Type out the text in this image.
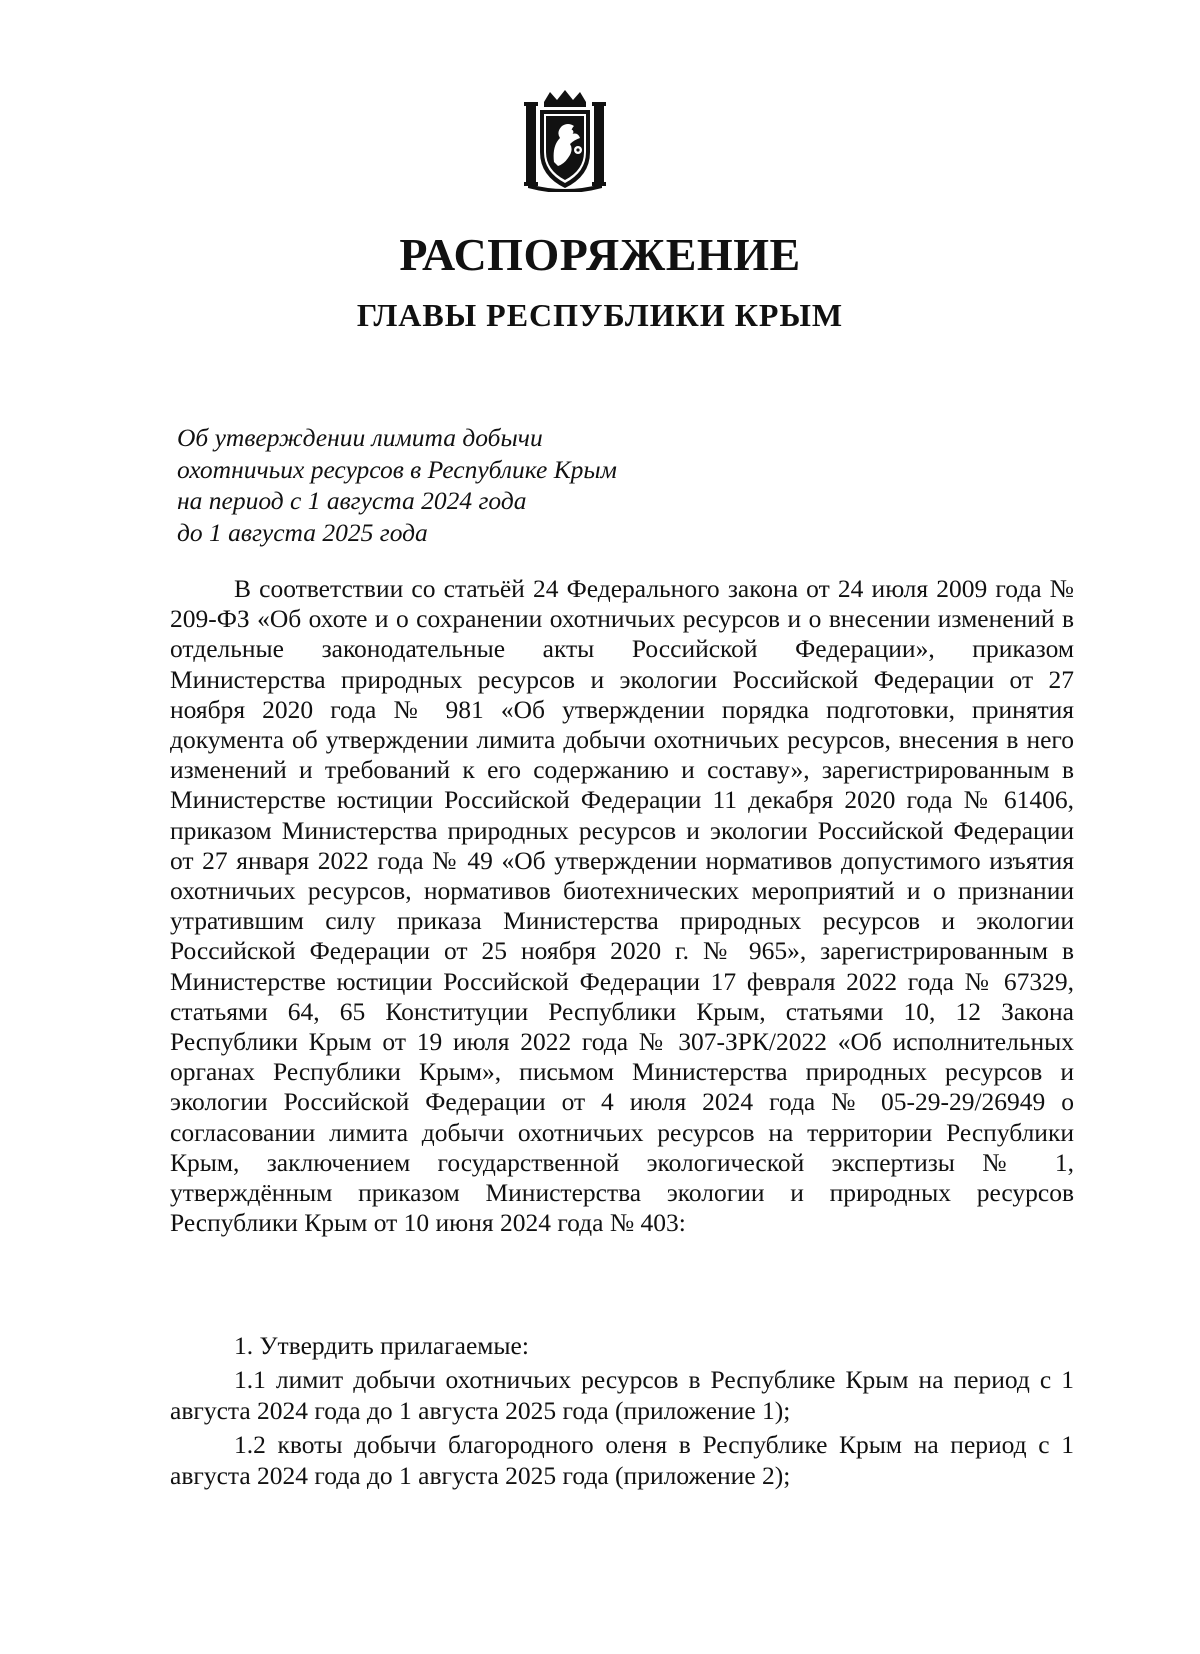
РАСПОРЯЖЕНИЕ
ГЛАВЫ РЕСПУБЛИКИ КРЫМ
Об утверждении лимита добычи
охотничьих ресурсов в Республике Крым
на период с 1 августа 2024 года
до 1 августа 2025 года

В соответствии со статьёй 24 Федерального закона от 24 июля 2009 года № 209-ФЗ «Об охоте и о сохранении охотничьих ресурсов и о внесении изменений в отдельные законодательные акты Российской Федерации», приказом Министерства природных ресурсов и экологии Российской Федерации от 27 ноября 2020 года № 981 «Об утверждении порядка подготовки, принятия документа об утверждении лимита добычи охотничьих ресурсов, внесения в него изменений и требований к его содержанию и составу», зарегистрированным в Министерстве юстиции Российской Федерации 11 декабря 2020 года № 61406, приказом Министерства природных ресурсов и экологии Российской Федерации от 27 января 2022 года № 49 «Об утверждении нормативов допустимого изъятия охотничьих ресурсов, нормативов биотехнических мероприятий и о признании утратившим силу приказа Министерства природных ресурсов и экологии Российской Федерации от 25 ноября 2020 г. № 965», зарегистрированным в Министерстве юстиции Российской Федерации 17 февраля 2022 года № 67329, статьями 64, 65 Конституции Республики Крым, статьями 10, 12 Закона Республики Крым от 19 июля 2022 года № 307-ЗРК/2022 «Об исполнительных органах Республики Крым», письмом Министерства природных ресурсов и экологии Российской Федерации от 4 июля 2024 года № 05-29-29/26949 о согласовании лимита добычи охотничьих ресурсов на территории Республики Крым, заключением государственной экологической экспертизы № 1, утверждённым приказом Министерства экологии и природных ресурсов Республики Крым от 10 июня 2024 года № 403:

1. Утвердить прилагаемые:

1.1 лимит добычи охотничьих ресурсов в Республике Крым на период с 1 августа 2024 года до 1 августа 2025 года (приложение 1);

1.2 квоты добычи благородного оленя в Республике Крым на период с 1 августа 2024 года до 1 августа 2025 года (приложение 2);
